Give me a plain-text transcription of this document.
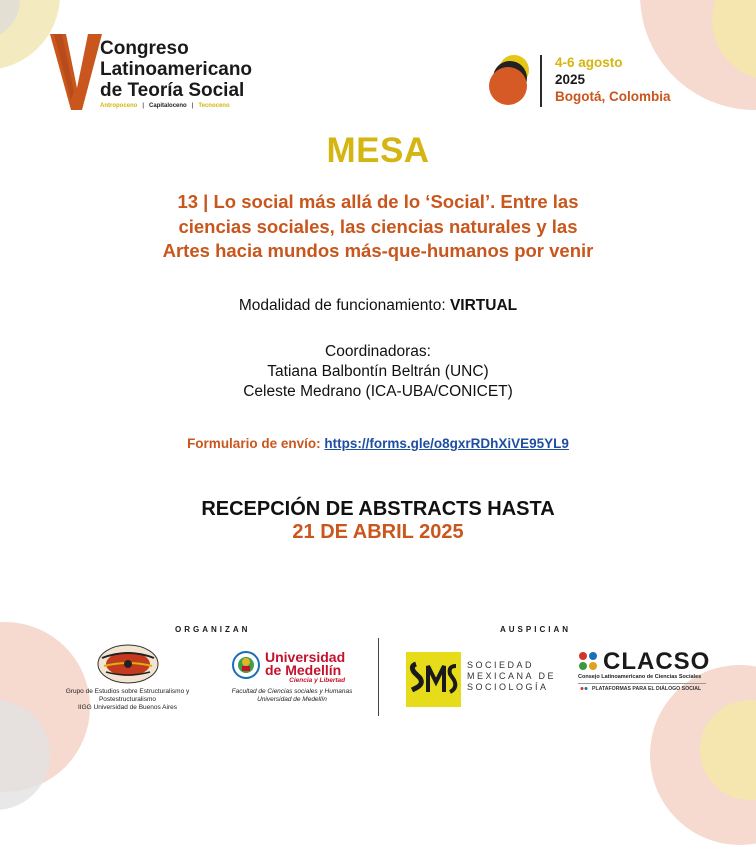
Congreso
Latinoamericano
de Teoría Social
Antropoceno | Capitaloceno | Tecnoceno
4-6 agosto
2025
Bogotá, Colombia
MESA
13 | Lo social más allá de lo ‘Social’. Entre las
ciencias sociales, las ciencias naturales y las
Artes hacia mundos más-que-humanos por venir
Modalidad de funcionamiento: VIRTUAL
Coordinadoras:
Tatiana Balbontín Beltrán (UNC)
Celeste Medrano (ICA-UBA/CONICET)
Formulario de envío: https://forms.gle/o8gxrRDhXiVE95YL9
RECEPCIÓN DE ABSTRACTS HASTA
21 DE ABRIL 2025
ORGANIZAN	AUSPICIAN
Grupo de Estudios sobre Estructuralismo y
Postestructuralismo
IIGG Universidad de Buenos Aires
Universidad
de Medellín
Ciencia y Libertad
Facultad de Ciencias sociales y Humanas
Universidad de Medellín
SOCIEDAD
MEXICANA DE
SOCIOLOGÍA
CLACSO
Consejo Latinoamericano de Ciencias Sociales
PLATAFORMAS PARA EL DIÁLOGO SOCIAL
